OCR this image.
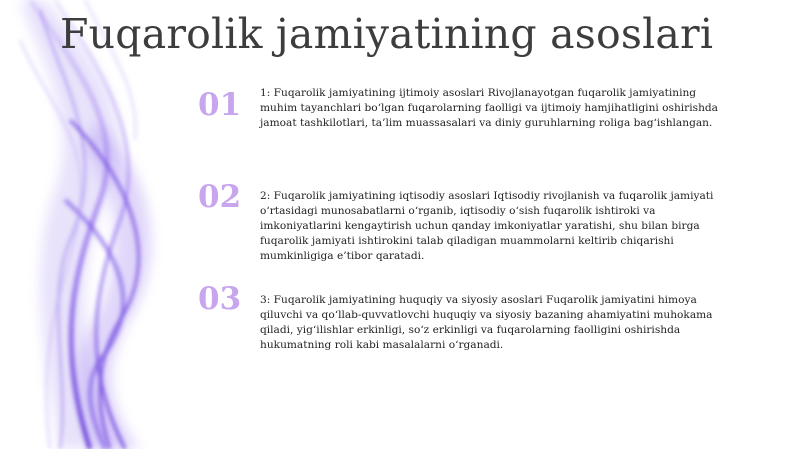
Fuqarolik jamiyatining asoslari
01	1: Fuqarolik jamiyatining ijtimoiy asoslari Rivojlanayotgan fuqarolik jamiyatining muhim tayanchlari bo‘lgan fuqarolarning faolligi va ijtimoiy hamjihatligini oshirishda jamoat tashkilotlari, ta’lim muassasalari va diniy guruhlarning roliga bag‘ishlangan.

02	2: Fuqarolik jamiyatining iqtisodiy asoslari Iqtisodiy rivojlanish va fuqarolik jamiyati o‘rtasidagi munosabatlarni o‘rganib, iqtisodiy o‘sish fuqarolik ishtiroki va imkoniyatlarini kengaytirish uchun qanday imkoniyatlar yaratishi, shu bilan birga fuqarolik jamiyati ishtirokini talab qiladigan muammolarni keltirib chiqarishi mumkinligiga e’tibor qaratadi.

03	3: Fuqarolik jamiyatining huquqiy va siyosiy asoslari Fuqarolik jamiyatini himoya qiluvchi va qo‘llab-quvvatlovchi huquqiy va siyosiy bazaning ahamiyatini muhokama qiladi, yig‘ilishlar erkinligi, so‘z erkinligi va fuqarolarning faolligini oshirishda hukumatning roli kabi masalalarni o‘rganadi.
